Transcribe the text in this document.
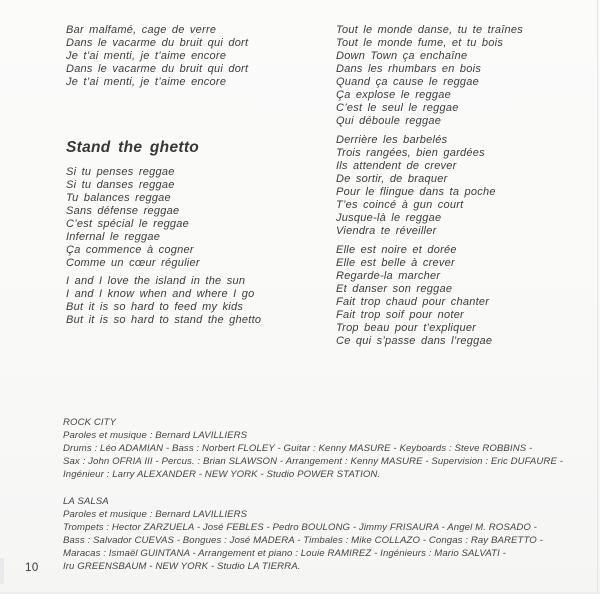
Bar malfamé, cage de verre
Dans le vacarme du bruit qui dort
Je t’ai menti, je t’aime encore
Dans le vacarme du bruit qui dort
Je t’ai menti, je t’aime encore
Stand the ghetto
Si tu penses reggae
Si tu danses reggae
Tu balances reggae
Sans défense reggae
C’est spécial le reggae
Infernal le reggae
Ça commence à cogner
Comme un cœur régulier
I and I love the island in the sun
I and I know when and where I go
But it is so hard to feed my kids
But it is so hard to stand the ghetto
Tout le monde danse, tu te traînes
Tout le monde fume, et tu bois
Down Town ça enchaîne
Dans les rhumbars en bois
Quand ça cause le reggae
Ça explose le reggae
C’est le seul le reggae
Qui déboule reggae
Derrière les barbelés
Trois rangées, bien gardées
Ils attendent de crever
De sortir, de braquer
Pour le flingue dans ta poche
T’es coincé à gun court
Jusque-là le reggae
Viendra te réveiller
Elle est noire et dorée
Elle est belle à crever
Regarde-la marcher
Et danser son reggae
Fait trop chaud pour chanter
Fait trop soif pour noter
Trop beau pour t’expliquer
Ce qui s’passe dans l’reggae
ROCK CITY
Paroles et musique : Bernard LAVILLIERS
Drums : Léo ADAMIAN - Bass : Norbert FLOLEY - Guitar : Kenny MASURE - Keyboards : Steve ROBBINS -
Sax : John OFRIA III - Percus. : Brian SLAWSON - Arrangement : Kenny MASURE - Supervision : Eric DUFAURE -
Ingénieur : Larry ALEXANDER - NEW YORK - Studio POWER STATION.
LA SALSA
Paroles et musique : Bernard LAVILLIERS
Trompets : Hector ZARZUELA - José FEBLES - Pedro BOULONG - Jimmy FRISAURA - Angel M. ROSADO -
Bass : Salvador CUEVAS - Bongues : José MADERA - Timbales : Mike COLLAZO - Congas : Ray BARETTO -
Maracas : Ismaël GUINTANA - Arrangement et piano : Louie RAMIREZ - Ingénieurs : Mario SALVATI -
Iru GREENSBAUM - NEW YORK - Studio LA TIERRA.
10
